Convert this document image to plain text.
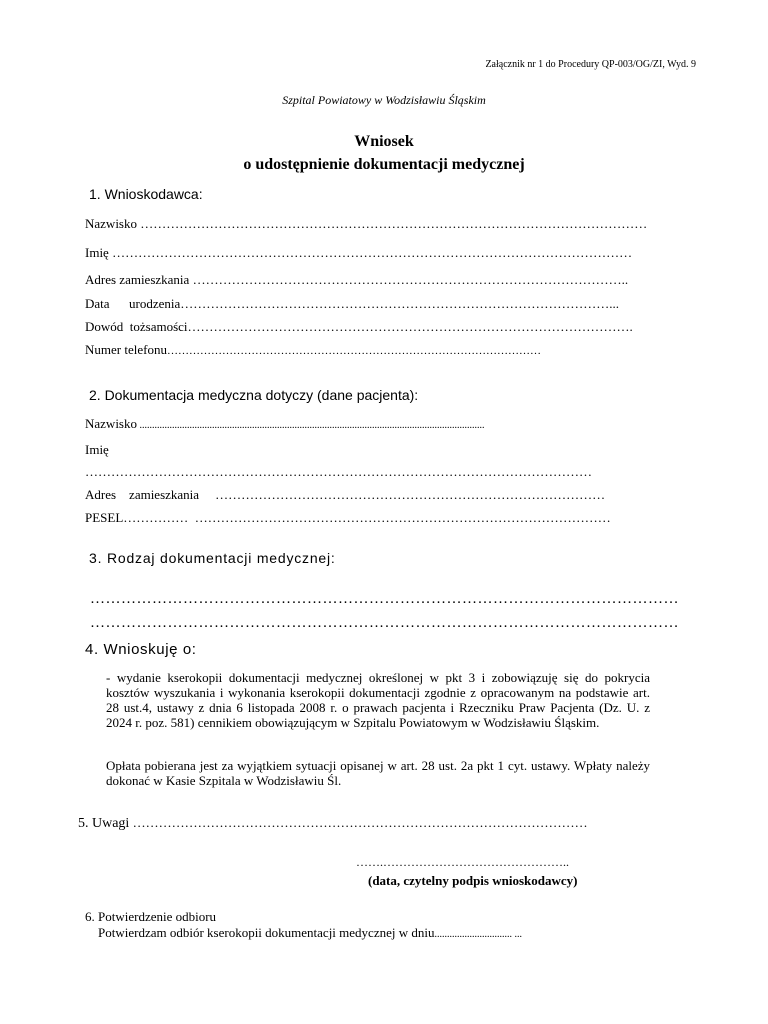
Załącznik nr 1 do Procedury QP-003/OG/ZI, Wyd. 9
Szpital Powiatowy w Wodzisławiu Śląskim
Wniosek
o udostępnienie dokumentacji medycznej
1. Wnioskodawca:
Nazwisko ………………………………………………………………………………………………………
Imię …………………………………………………………………………………………………………
Adres zamieszkania ………………………………………………………………………………………..
Data      urodzenia………………………………………………………………………………………...
Dowód  tożsamości………………………………………………………………………………………….
Numer telefonu…………………………………………………………………………………………
2. Dokumentacja medyczna dotyczy (dane pacjenta):
Nazwisko ..........................................................................................................................................
Imię
………………………………………………………………………………………………………
Adres    zamieszkania ………………………………………………………………………………
PESEL……………  ……………………………………………………………………………………
3. Rodzaj dokumentacji medycznej:
……………………………………………………………………………………………………
……………………………………………………………………………………………………
4. Wnioskuję o:
- wydanie kserokopii dokumentacji medycznej określonej w pkt 3 i zobowiązuję się do pokrycia kosztów wyszukania i wykonania kserokopii dokumentacji zgodnie z opracowanym na podstawie art. 28 ust.4, ustawy z dnia 6 listopada 2008 r. o prawach pacjenta i Rzeczniku Praw Pacjenta (Dz. U. z 2024 r. poz. 581) cennikiem obowiązującym w Szpitalu Powiatowym w Wodzisławiu Śląskim.
Opłata pobierana jest za wyjątkiem sytuacji opisanej w art. 28 ust. 2a pkt 1 cyt. ustawy. Wpłaty należy dokonać w Kasie Szpitala w Wodzisławiu Śl.
5. Uwagi ……………………………………………………………………………………………
…….………………………………………..
(data, czytelny podpis wnioskodawcy)
6. Potwierdzenie odbioru
Potwierdzam odbiór kserokopii dokumentacji medycznej w dniu............................... ...
